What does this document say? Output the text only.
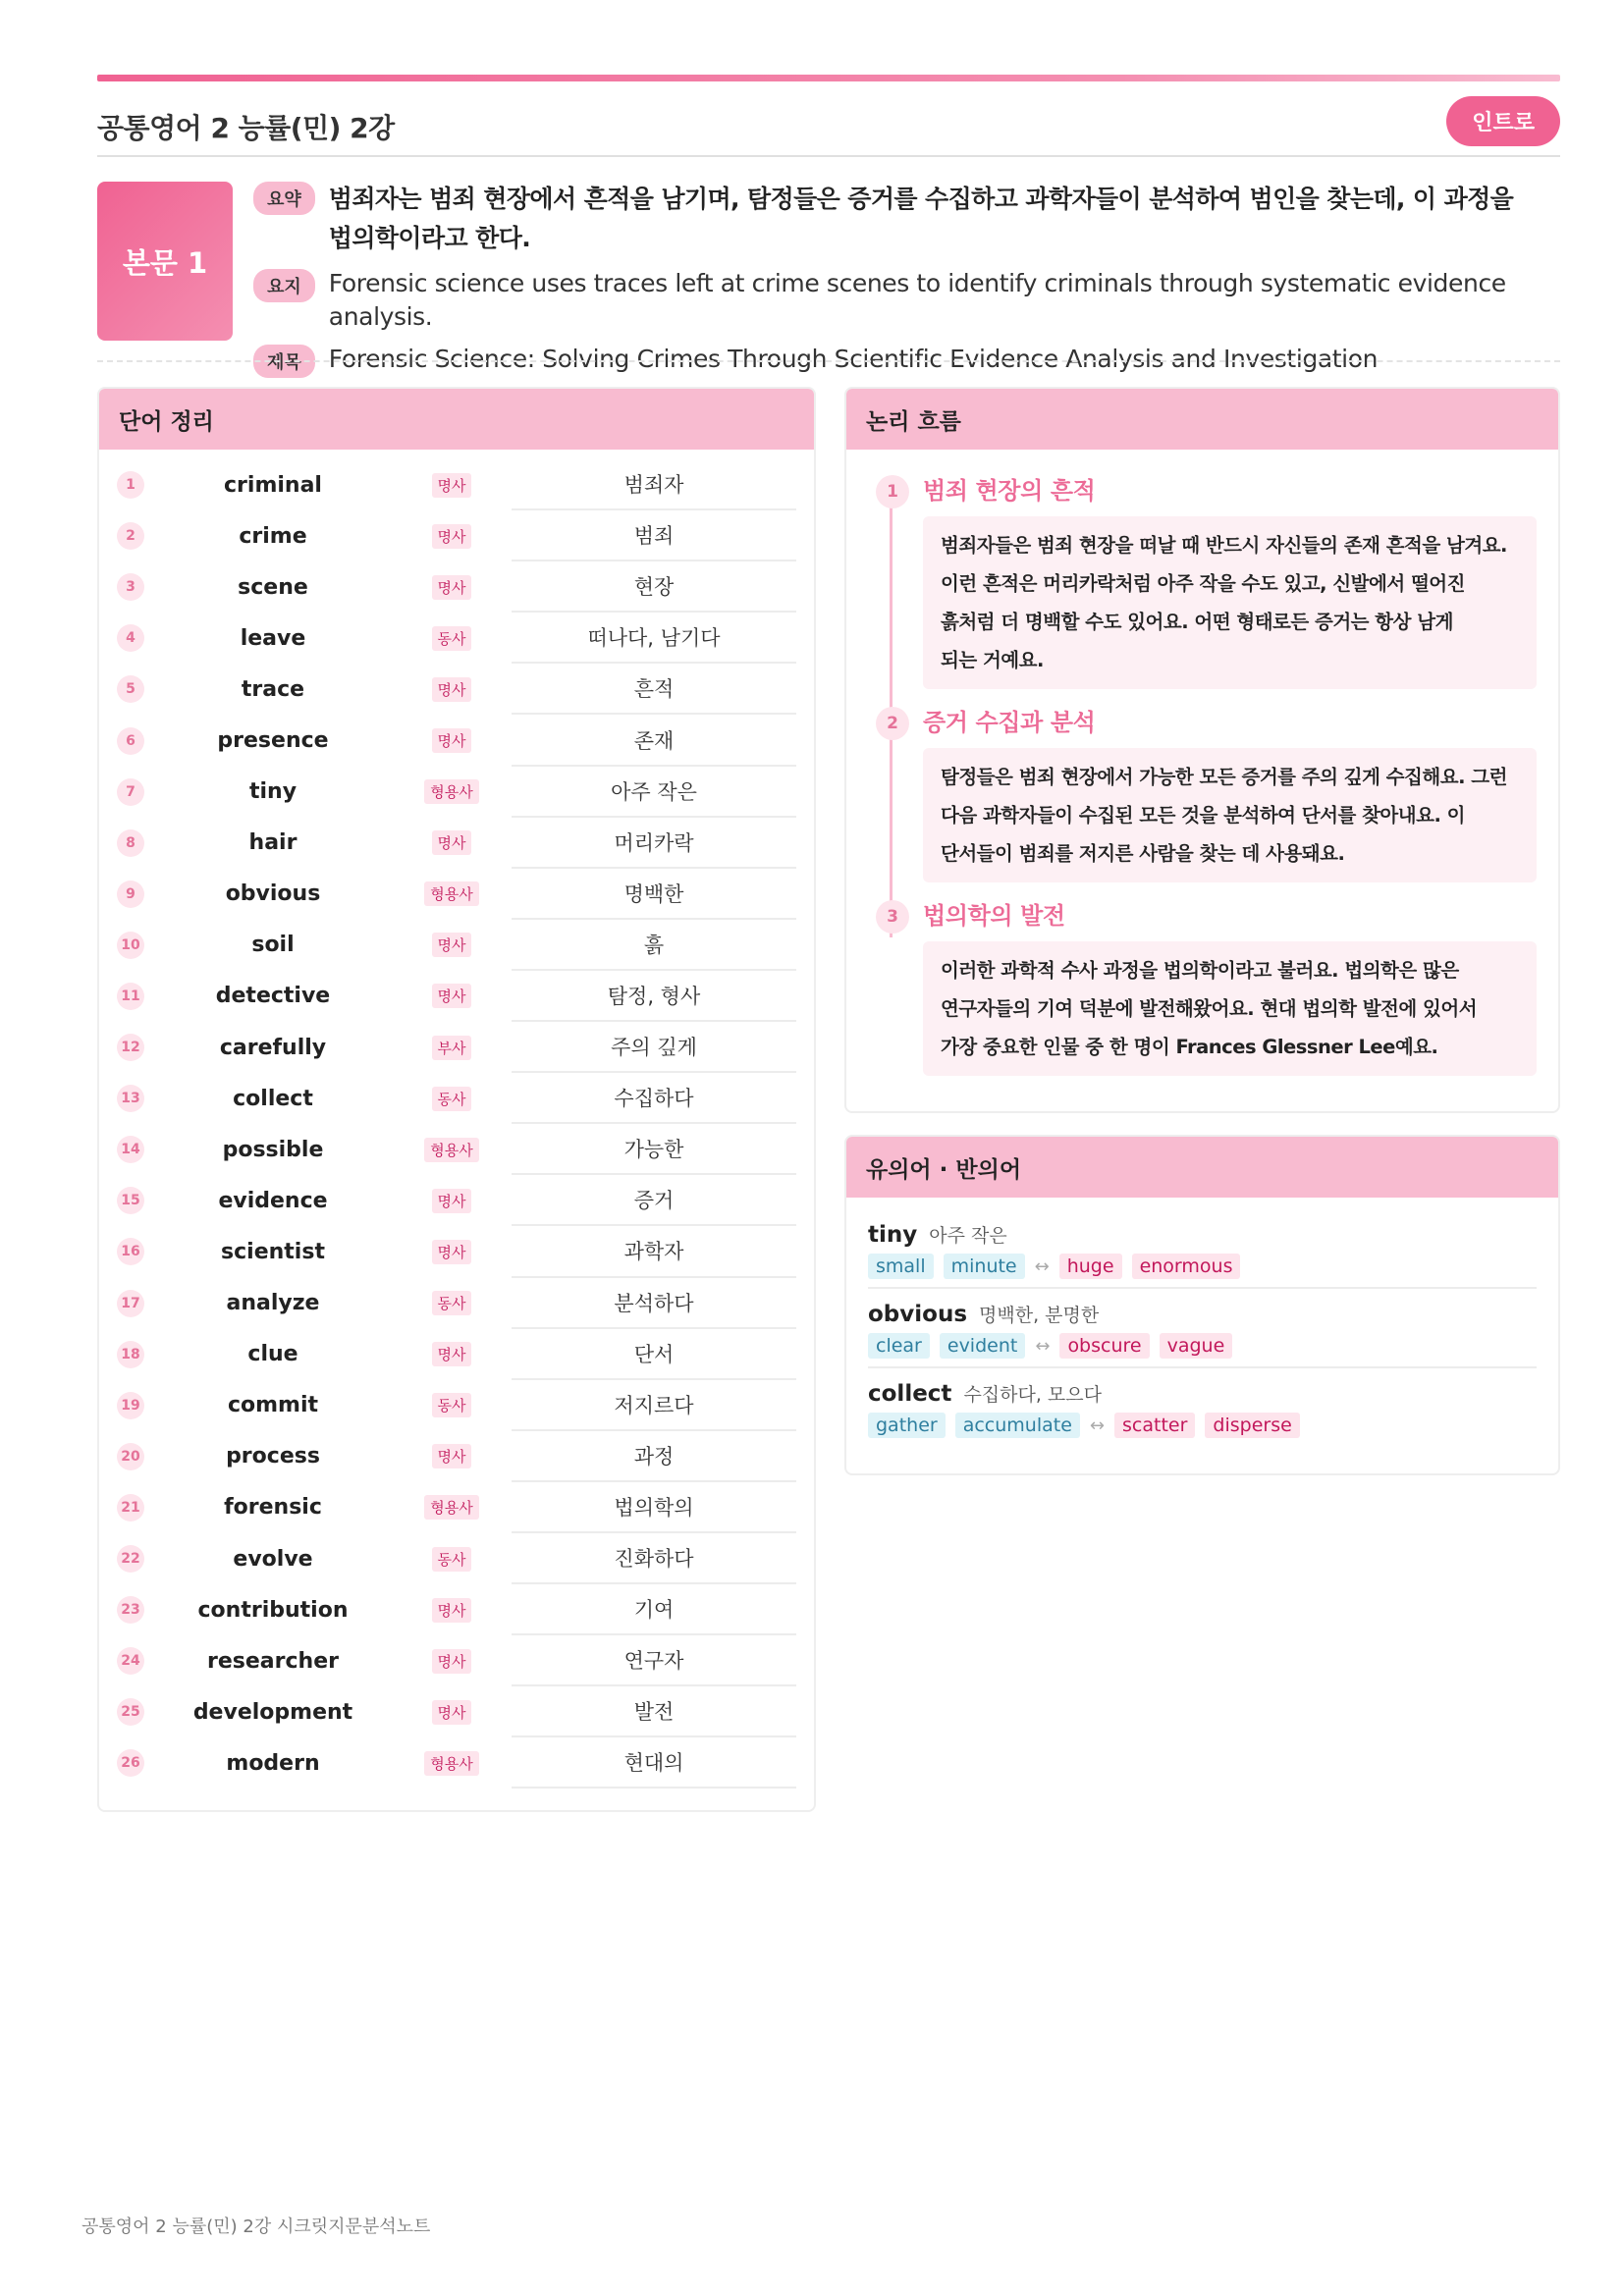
공통영어 2 능률(민) 2강	인트로
본문 1
요약	범죄자는 범죄 현장에서 흔적을 남기며, 탐정들은 증거를 수집하고 과학자들이 분석하여 범인을 찾는데, 이 과정을
법의학이라고 한다.
요지	Forensic science uses traces left at crime scenes to identify criminals through systematic evidence analysis.
제목	Forensic Science: Solving Crimes Through Scientific Evidence Analysis and Investigation
단어 정리
1	criminal	명사	범죄자
2	crime	명사	범죄
3	scene	명사	현장
4	leave	동사	떠나다, 남기다
5	trace	명사	흔적
6	presence	명사	존재
7	tiny	형용사	아주 작은
8	hair	명사	머리카락
9	obvious	형용사	명백한
10	soil	명사	흙
11	detective	명사	탐정, 형사
12	carefully	부사	주의 깊게
13	collect	동사	수집하다
14	possible	형용사	가능한
15	evidence	명사	증거
16	scientist	명사	과학자
17	analyze	동사	분석하다
18	clue	명사	단서
19	commit	동사	저지르다
20	process	명사	과정
21	forensic	형용사	법의학의
22	evolve	동사	진화하다
23	contribution	명사	기여
24	researcher	명사	연구자
25	development	명사	발전
26	modern	형용사	현대의
논리 흐름
1	범죄 현장의 흔적
범죄자들은 범죄 현장을 떠날 때 반드시 자신들의 존재 흔적을 남겨요.
이런 흔적은 머리카락처럼 아주 작을 수도 있고, 신발에서 떨어진
흙처럼 더 명백할 수도 있어요. 어떤 형태로든 증거는 항상 남게
되는 거예요.
2	증거 수집과 분석
탐정들은 범죄 현장에서 가능한 모든 증거를 주의 깊게 수집해요. 그런
다음 과학자들이 수집된 모든 것을 분석하여 단서를 찾아내요. 이
단서들이 범죄를 저지른 사람을 찾는 데 사용돼요.
3	법의학의 발전
이러한 과학적 수사 과정을 법의학이라고 불러요. 법의학은 많은
연구자들의 기여 덕분에 발전해왔어요. 현대 법의학 발전에 있어서
가장 중요한 인물 중 한 명이 Frances Glessner Lee예요.
유의어 · 반의어
tiny 아주 작은
small	minute	↔ huge	enormous
obvious 명백한, 분명한
clear	evident	↔ obscure	vague
collect 수집하다, 모으다
gather	accumulate	↔ scatter	disperse
공통영어 2 능률(민) 2강 시크릿지문분석노트
